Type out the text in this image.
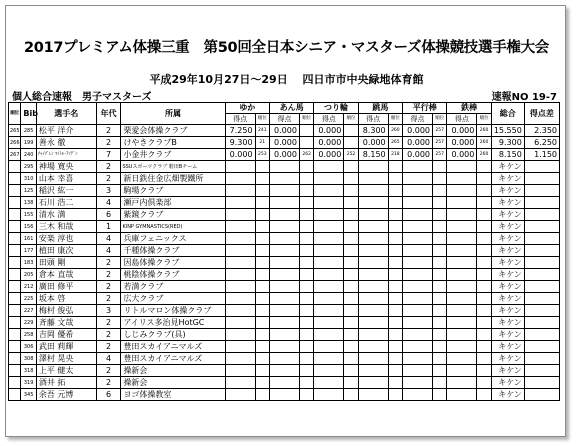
2017プレミアム体操三重　第50回全日本シニア・マスターズ体操競技選手権大会
平成29年10月27日～29日　 四日市市中央緑地体育館
個人総合速報　男子マスターズ	速報NO 19-7
順位	Bib	選手名	年代	所属	ゆか		あん馬		つり輪		跳馬		平行棒		鉄棒		総合	得点差
					得点	順位	得点	順位	得点	順位	得点	順位	得点	順位	得点	順位		
265	285	松平 洋介	2	栗愛会体操クラブ	7.250	241	0.000		0.000		8.300	260	0.000	257	0.000	260	15.550	2.350
266	199	善永 徹	2	けやきクラブB	9.300	21	0.000		0.000		0.000	265	0.000	257	0.000	260	9.300	6.250
267	240	ﾁｬｲﾌﾞﾚﾝ ﾏｲﾄﾙ･ｱｲﾃﾞﾝ	7	小金井クラブ	0.000	253	0.000	262	0.000	252	8.150	218	0.000	257	0.000	260	8.150	1.150
	295	神場 寛央	2	SSUスポーツクラブ 磐田Bチーム													キケン	
	310	山本 幸喜	2	新日鉄住金広畑製鐵所													キケン	
	125	稲沢 紘一	3	駒場クラブ													キケン	
	138	石川 浩二	4	瀬戸内倶楽部													キケン	
	155	清水 満	6	紫鏡クラブ													キケン	
	156	三木 和哉	1	KINP GYMNASTICS(RED)													キケン	
	161	安楽 淳也	4	兵庫フェニックス													キケン	
	177	植田 康次	4	千種体操クラブ													キケン	
	183	田頭 剛	2	因島体操クラブ													キケン	
	205	倉本 直哉	2	桃陰体操クラブ													キケン	
	212	廣田 修平	2	若満クラブ													キケン	
	225	坂本 啓	2	広大クラブ													キケン	
	227	梅村 俊弘	3	リトルマロン体操クラブ													キケン	
	229	斉藤 文哉	2	アイリス多治見HotGC													キケン	
	258	吉岡 優希	2	しじみクラブ(具)													キケン	
	306	武田 莉輝	2	豊田スカイアニマルズ													キケン	
	308	澤村 晃央	4	豊田スカイアニマルズ													キケン	
	318	上平 健太	2	操新会													キケン	
	319	酒井 拓	2	操新会													キケン	
	345	余吾 元博	6	ヨゴ体操教室													キケン	
